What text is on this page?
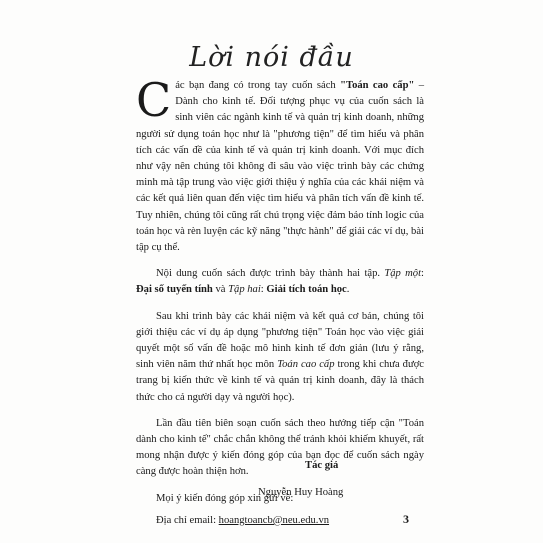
Lời nói đầu

Các bạn đang có trong tay cuốn sách "Toán cao cấp" – Dành cho kinh tế. Đối tượng phục vụ của cuốn sách là sinh viên các ngành kinh tế và quản trị kinh doanh, những người sử dụng toán học như là "phương tiện" để tìm hiểu và phân tích các vấn đề của kinh tế và quản trị kinh doanh. Với mục đích như vậy nên chúng tôi không đi sâu vào việc trình bày các chứng minh mà tập trung vào việc giới thiệu ý nghĩa của các khái niệm và các kết quả liên quan đến việc tìm hiểu và phân tích vấn đề kinh tế. Tuy nhiên, chúng tôi cũng rất chú trọng việc đảm bảo tính logic của toán học và rèn luyện các kỹ năng "thực hành" để giải các ví dụ, bài tập cụ thể.

Nội dung cuốn sách được trình bày thành hai tập. Tập một: Đại số tuyến tính và Tập hai: Giải tích toán học.

Sau khi trình bày các khái niệm và kết quả cơ bản, chúng tôi giới thiệu các ví dụ áp dụng "phương tiện" Toán học vào việc giải quyết một số vấn đề hoặc mô hình kinh tế đơn giản (lưu ý rằng, sinh viên năm thứ nhất học môn Toán cao cấp trong khi chưa được trang bị kiến thức về kinh tế và quản trị kinh doanh, đây là thách thức cho cả người dạy và người học).

Lần đầu tiên biên soạn cuốn sách theo hướng tiếp cận "Toán dành cho kinh tế" chắc chắn không thể tránh khỏi khiếm khuyết, rất mong nhận được ý kiến đóng góp của bạn đọc để cuốn sách ngày càng được hoàn thiện hơn.

Mọi ý kiến đóng góp xin gửi về:

Địa chỉ email: hoangtoancb@neu.edu.vn

Tác giả
Nguyễn Huy Hoàng
3
